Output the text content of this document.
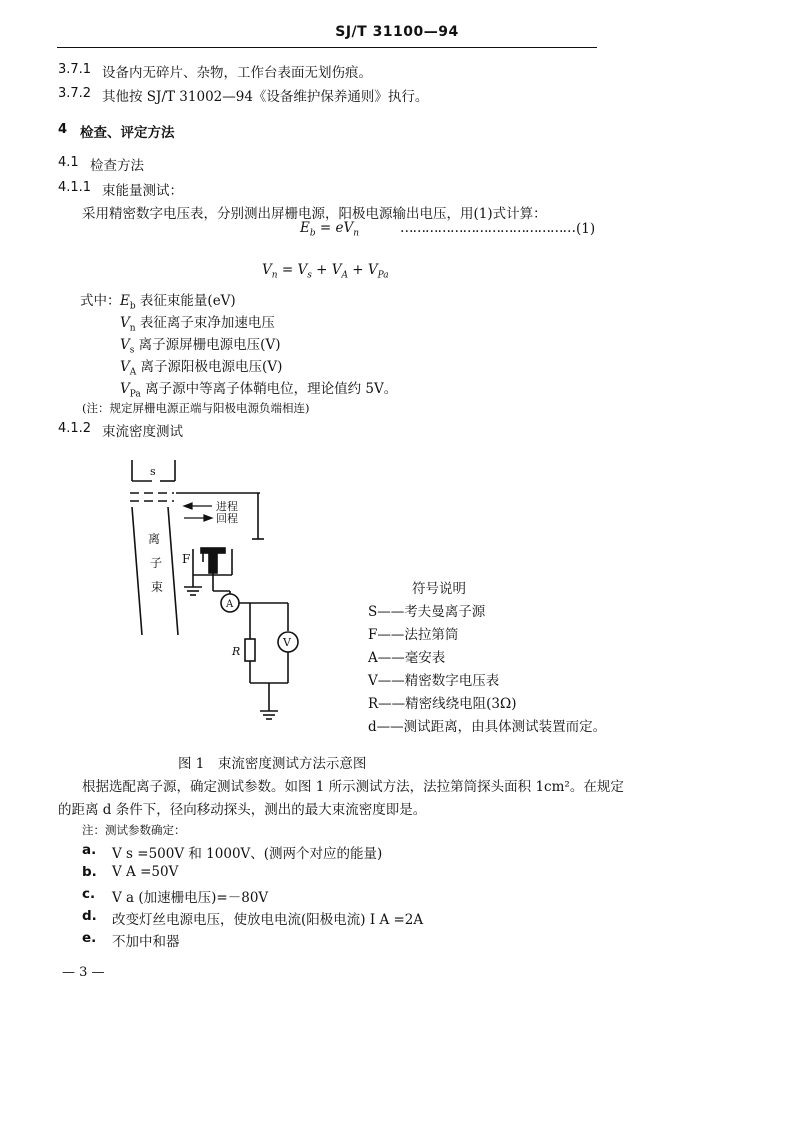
SJ/T 31100—94
3.7.1 设备内无碎片、杂物，工作台表面无划伤痕。
3.7.2 其他按 SJ/T 31002—94《设备维护保养通则》执行。
4 检查、评定方法
4.1 检查方法
4.1.1 束能量测试：
采用精密数字电压表，分别测出屏栅电源，阳极电源输出电压，用(1)式计算：
$E_b = eV_n$	…………………………………… (1)
$V_n = V_s + V_A + V_{Pa}$
式中： $E_b$ 表征束能量(eV)
$V_n$ 表征离子束净加速电压
$V_s$ 离子源屏栅电源电压(V)
$V_A$ 离子源阳极电源电压(V)
$V_{Pa}$ 离子源中等离子体鞘电位，理论值约 5V。
(注：规定屏栅电源正端与阳极电源负端相连)
4.1.2 束流密度测试
s
离
子
束
F
进程
回程
A
V
R
符号说明
S——考夫曼离子源
F——法拉第筒
A——毫安表
V——精密数字电压表
R——精密线绕电阻(3Ω)
d——测试距离，由具体测试装置而定。
图 1　束流密度测试方法示意图
根据选配离子源，确定测试参数。如图 1 所示测试方法，法拉第筒探头面积 1cm²。在规定
的距离 d 条件下，径向移动探头，测出的最大束流密度即是。
注：测试参数确定：
a. V s =500V 和 1000V、(测两个对应的能量)
b. V A =50V
c. V a (加速栅电压)=－80V
d. 改变灯丝电源电压，使放电电流(阳极电流) I A =2A
e. 不加中和器
— 3 —
